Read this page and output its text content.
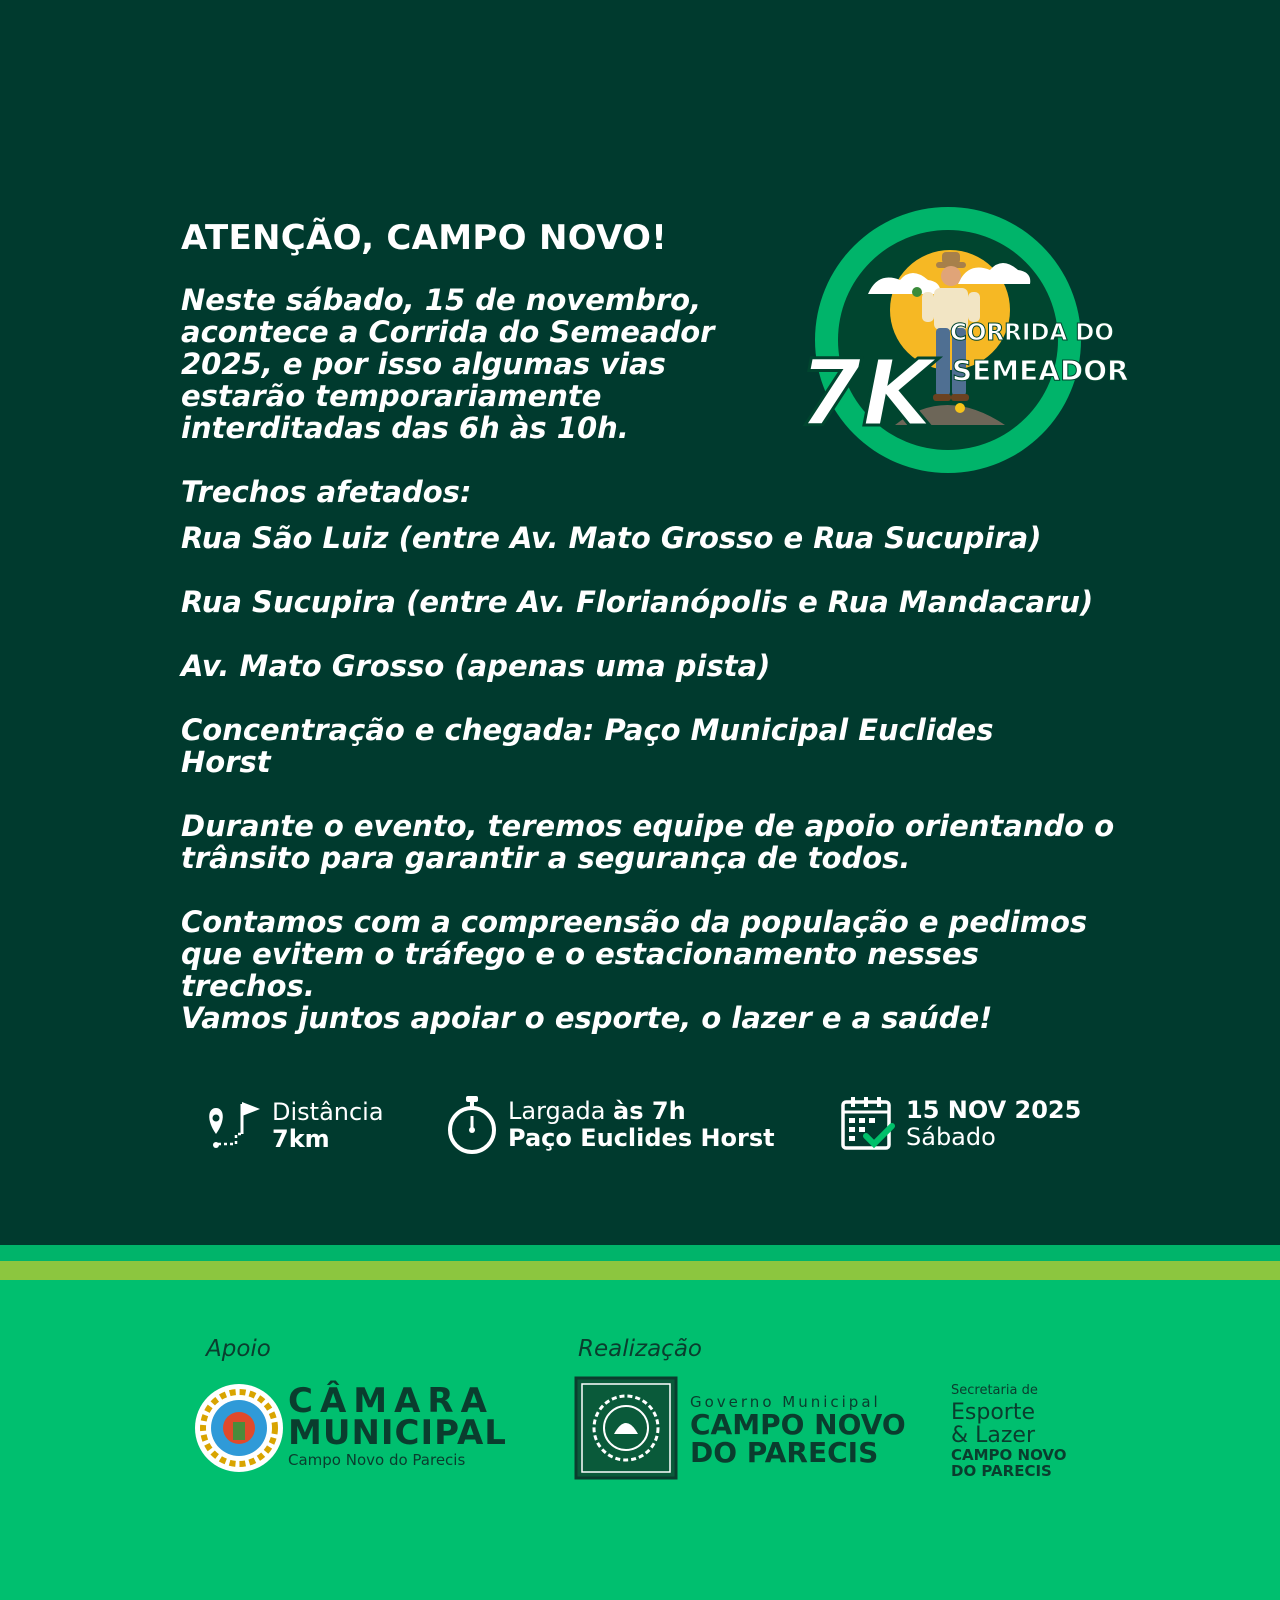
ATENÇÃO, CAMPO NOVO!
Neste sábado, 15 de novembro, acontece a Corrida do Semeador 2025, e por isso algumas vias estarão temporariamente interditadas das 6h às 10h.
Trechos afetados:
Rua São Luiz (entre Av. Mato Grosso e Rua Sucupira)
Rua Sucupira (entre Av. Florianópolis e Rua Mandacaru)
Av. Mato Grosso (apenas uma pista)
Concentração e chegada: Paço Municipal Euclides Horst
Durante o evento, teremos equipe de apoio orientando o trânsito para garantir a segurança de todos.
Contamos com a compreensão da população e pedimos que evitem o tráfego e o estacionamento nesses trechos.
Vamos juntos apoiar o esporte, o lazer e a saúde!
7K
CORRIDA DO
SEMEADOR
Distância
7km
Largada às 7h
Paço Euclides Horst
15 NOV 2025
Sábado
Apoio	Realização
CÂMARA
MUNICIPAL
Campo Novo do Parecis
Governo Municipal
CAMPO NOVO
DO PARECIS
Secretaria de
Esporte
& Lazer
CAMPO NOVO
DO PARECIS
